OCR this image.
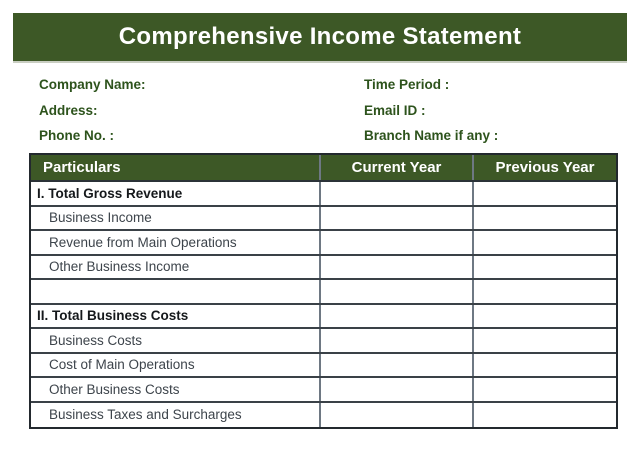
Comprehensive Income Statement
Company Name:
Address:
Phone No. :
Time Period :
Email ID :
Branch Name if any :
Particulars	Current Year	Previous Year
I. Total Gross Revenue
Business Income
Revenue from Main Operations
Other Business Income
II. Total Business Costs
Business Costs
Cost of Main Operations
Other Business Costs
Business Taxes and Surcharges
